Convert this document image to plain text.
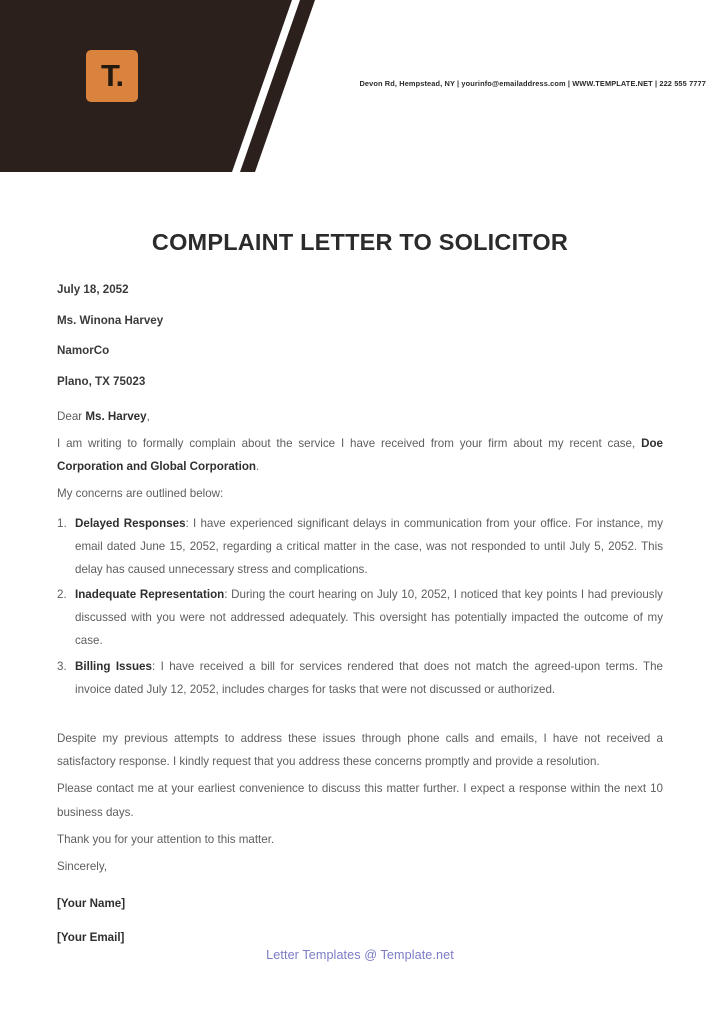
T.	Devon Rd, Hempstead, NY | yourinfo@emailaddress.com | WWW.TEMPLATE.NET | 222 555 7777
COMPLAINT LETTER TO SOLICITOR
July 18, 2052
Ms. Winona Harvey
NamorCo
Plano, TX 75023

Dear Ms. Harvey,

I am writing to formally complain about the service I have received from your firm about my recent case, Doe Corporation and Global Corporation.

My concerns are outlined below:

1. Delayed Responses: I have experienced significant delays in communication from your office. For instance, my email dated June 15, 2052, regarding a critical matter in the case, was not responded to until July 5, 2052. This delay has caused unnecessary stress and complications.
2. Inadequate Representation: During the court hearing on July 10, 2052, I noticed that key points I had previously discussed with you were not addressed adequately. This oversight has potentially impacted the outcome of my case.
3. Billing Issues: I have received a bill for services rendered that does not match the agreed-upon terms. The invoice dated July 12, 2052, includes charges for tasks that were not discussed or authorized.

Despite my previous attempts to address these issues through phone calls and emails, I have not received a satisfactory response. I kindly request that you address these concerns promptly and provide a resolution.

Please contact me at your earliest convenience to discuss this matter further. I expect a response within the next 10 business days.

Thank you for your attention to this matter.

Sincerely,

[Your Name]
[Your Email]
Letter Templates @ Template.net
